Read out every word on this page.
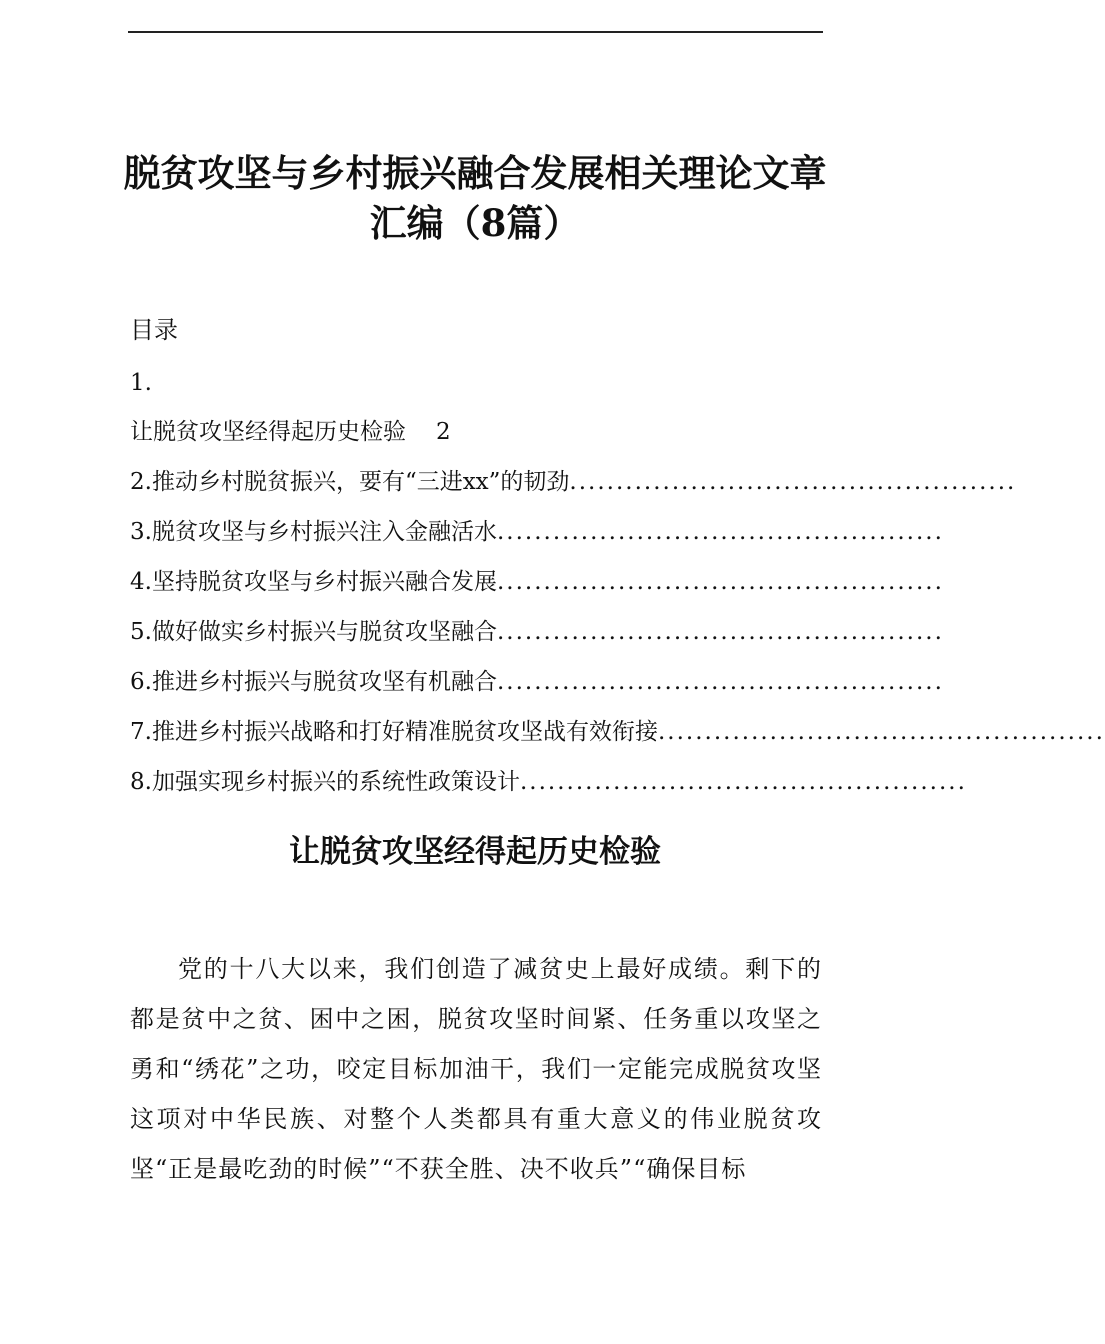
脱贫攻坚与乡村振兴融合发展相关理论文章
汇编（8篇）
目录
1.
让脱贫攻坚经得起历史检验 2
2.推动乡村脱贫振兴，要有“三进xx”的韧劲................................................
3.脱贫攻坚与乡村振兴注入金融活水................................................
4.坚持脱贫攻坚与乡村振兴融合发展................................................
5.做好做实乡村振兴与脱贫攻坚融合................................................
6.推进乡村振兴与脱贫攻坚有机融合................................................
7.推进乡村振兴战略和打好精准脱贫攻坚战有效衔接................................................
8.加强实现乡村振兴的系统性政策设计................................................
让脱贫攻坚经得起历史检验
党的十八大以来，我们创造了减贫史上最好成绩。剩下的都是贫中之贫、困中之困，脱贫攻坚时间紧、任务重以攻坚之勇和“绣花”之功，咬定目标加油干，我们一定能完成脱贫攻坚这项对中华民族、对整个人类都具有重大意义的伟业脱贫攻坚“正是最吃劲的时候”“不获全胜、决不收兵”“确保目标
